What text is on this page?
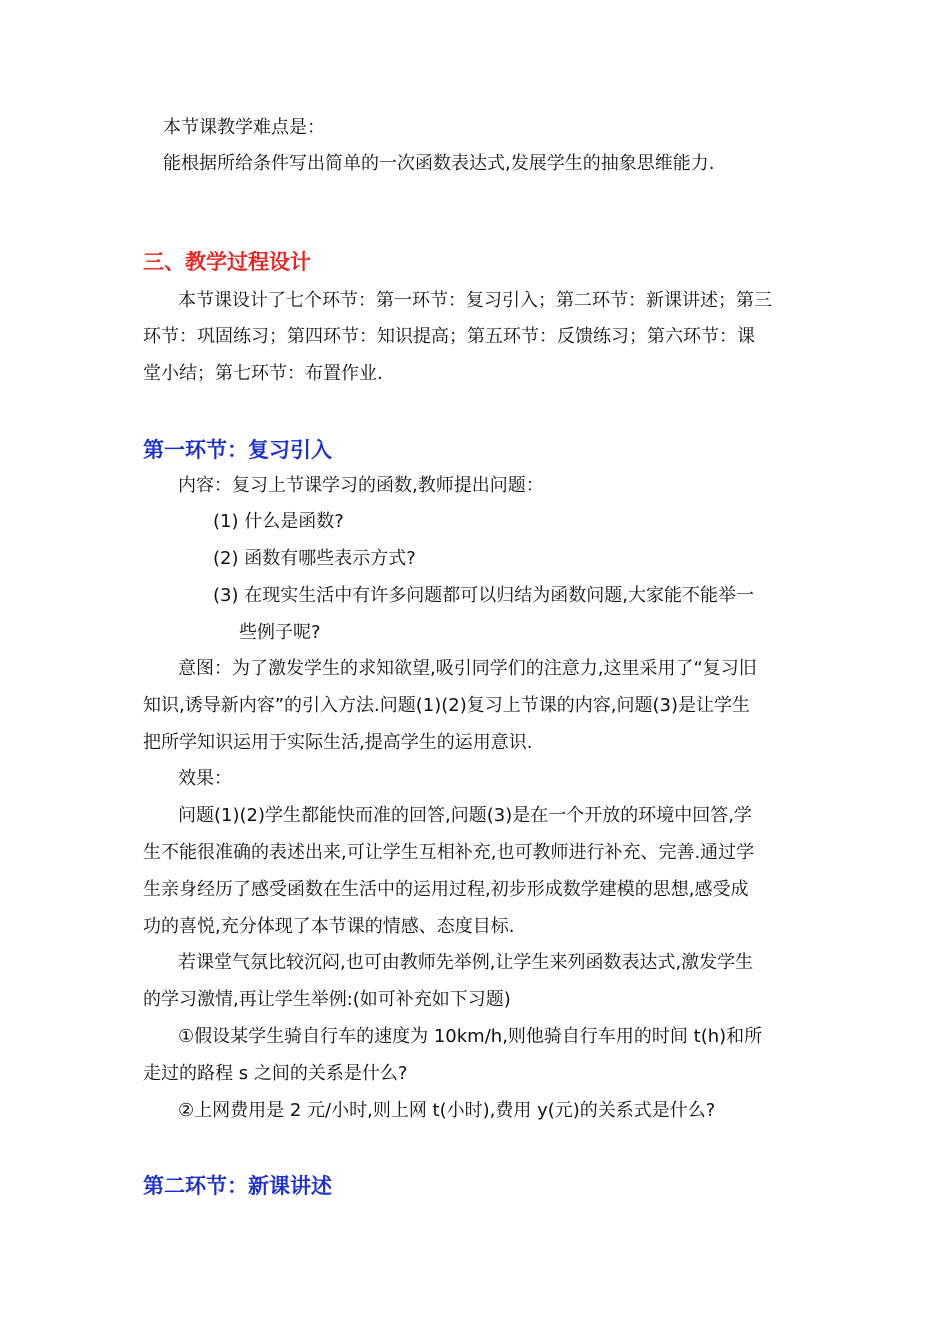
本节课教学难点是：
能根据所给条件写出简单的一次函数表达式,发展学生的抽象思维能力.
三、教学过程设计
本节课设计了七个环节：第一环节：复习引入；第二环节：新课讲述；第三
环节：巩固练习；第四环节：知识提高；第五环节：反馈练习；第六环节：课
堂小结；第七环节：布置作业.
第一环节：复习引入
内容：复习上节课学习的函数,教师提出问题：
(1) 什么是函数?
(2) 函数有哪些表示方式?
(3) 在现实生活中有许多问题都可以归结为函数问题,大家能不能举一
些例子呢?
意图：为了激发学生的求知欲望,吸引同学们的注意力,这里采用了“复习旧
知识,诱导新内容”的引入方法.问题(1)(2)复习上节课的内容,问题(3)是让学生
把所学知识运用于实际生活,提高学生的运用意识.
效果：
问题(1)(2)学生都能快而准的回答,问题(3)是在一个开放的环境中回答,学
生不能很准确的表述出来,可让学生互相补充,也可教师进行补充、完善.通过学
生亲身经历了感受函数在生活中的运用过程,初步形成数学建模的思想,感受成
功的喜悦,充分体现了本节课的情感、态度目标.
若课堂气氛比较沉闷,也可由教师先举例,让学生来列函数表达式,激发学生
的学习激情,再让学生举例:(如可补充如下习题)
①假设某学生骑自行车的速度为 10km/h,则他骑自行车用的时间 t(h)和所
走过的路程 s 之间的关系是什么?
②上网费用是 2 元/小时,则上网 t(小时),费用 y(元)的关系式是什么?
第二环节：新课讲述
